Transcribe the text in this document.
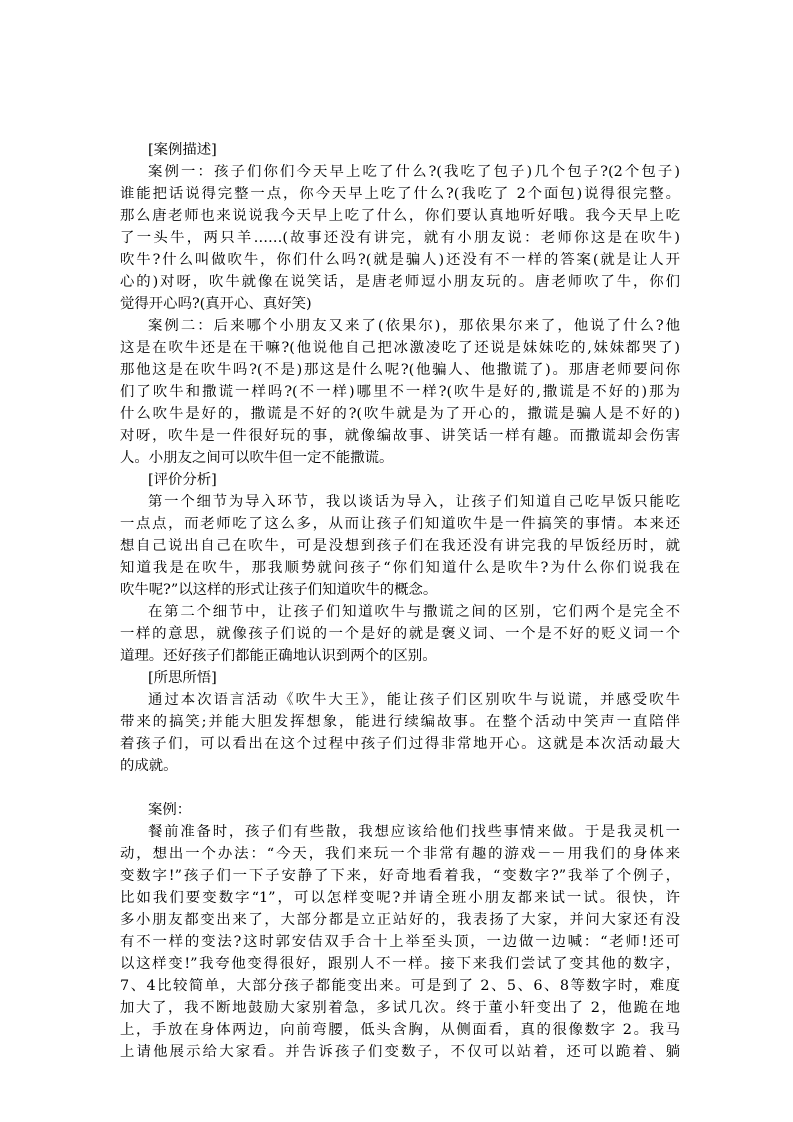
[案例描述]
案例一：孩子们你们今天早上吃了什么?(我吃了包子)几个包子?(2个包子)
谁能把话说得完整一点，你今天早上吃了什么?(我吃了 2个面包)说得很完整。
那么唐老师也来说说我今天早上吃了什么，你们要认真地听好哦。我今天早上吃
了一头牛，两只羊……(故事还没有讲完，就有小朋友说：老师你这是在吹牛)
吹牛?什么叫做吹牛，你们什么吗?(就是骗人)还没有不一样的答案(就是让人开
心的)对呀，吹牛就像在说笑话，是唐老师逗小朋友玩的。唐老师吹了牛，你们
觉得开心吗?(真开心、真好笑)
案例二：后来哪个小朋友又来了(依果尔)，那依果尔来了，他说了什么?他
这是在吹牛还是在干嘛?(他说他自己把冰激凌吃了还说是妹妹吃的,妹妹都哭了)
那他这是在吹牛吗?(不是)那这是什么呢?(他骗人、他撒谎了)。那唐老师要问你
们了吹牛和撒谎一样吗?(不一样)哪里不一样?(吹牛是好的,撒谎是不好的)那为
什么吹牛是好的，撒谎是不好的?(吹牛就是为了开心的，撒谎是骗人是不好的)
对呀，吹牛是一件很好玩的事，就像编故事、讲笑话一样有趣。而撒谎却会伤害
人。小朋友之间可以吹牛但一定不能撒谎。
[评价分析]
第一个细节为导入环节，我以谈话为导入，让孩子们知道自己吃早饭只能吃
一点点，而老师吃了这么多，从而让孩子们知道吹牛是一件搞笑的事情。本来还
想自己说出自己在吹牛，可是没想到孩子们在我还没有讲完我的早饭经历时，就
知道我是在吹牛，那我顺势就问孩子“你们知道什么是吹牛?为什么你们说我在
吹牛呢?”以这样的形式让孩子们知道吹牛的概念。
在第二个细节中，让孩子们知道吹牛与撒谎之间的区别，它们两个是完全不
一样的意思，就像孩子们说的一个是好的就是褒义词、一个是不好的贬义词一个
道理。还好孩子们都能正确地认识到两个的区别。
[所思所悟]
通过本次语言活动《吹牛大王》，能让孩子们区别吹牛与说谎，并感受吹牛
带来的搞笑;并能大胆发挥想象，能进行续编故事。在整个活动中笑声一直陪伴
着孩子们，可以看出在这个过程中孩子们过得非常地开心。这就是本次活动最大
的成就。
案例：
餐前准备时，孩子们有些散，我想应该给他们找些事情来做。于是我灵机一
动，想出一个办法：“今天，我们来玩一个非常有趣的游戏－－用我们的身体来
变数字!”孩子们一下子安静了下来，好奇地看着我，“变数字?”我举了个例子，
比如我们要变数字“1”，可以怎样变呢?并请全班小朋友都来试一试。很快，许
多小朋友都变出来了，大部分都是立正站好的，我表扬了大家，并问大家还有没
有不一样的变法?这时郭安佶双手合十上举至头顶，一边做一边喊：“老师!还可
以这样变!”我夸他变得很好，跟别人不一样。接下来我们尝试了变其他的数字，
7、4比较简单，大部分孩子都能变出来。可是到了 2、5、6、8等数字时，难度
加大了，我不断地鼓励大家别着急，多试几次。终于董小轩变出了 2，他跪在地
上，手放在身体两边，向前弯腰，低头含胸，从侧面看，真的很像数字 2。我马
上请他展示给大家看。并告诉孩子们变数子，不仅可以站着，还可以跪着、躺
